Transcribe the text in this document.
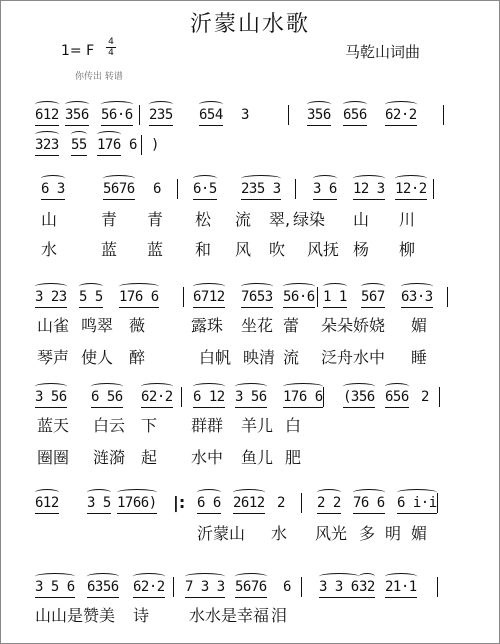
沂蒙山水歌
1= F
4
4	马乾山词曲
你传出 转谱
612 356 56·6 235 654 3	356 656 62·2
323 55 176 6 )
6 3	5676 6 6·5 235 3 3 6 12 3 12·2
山	青 青 松 流 翠, 绿染 山 川
水	蓝 蓝 和 风 吹 风抚 杨 柳
3 23 5 5 176 6 6712 7653 56·6 1 1 567 63·3
山雀 鸣翠 薇	露珠 坐花 蕾 朵朵娇娆 媚
琴声 使人 醉	白帆 映清 流 泛舟水中 睡
3 56 6 56 62·2 6 12 3 56 176 6 (356 656 2
蓝天 白云 下 群群 羊儿 白
圈圈 涟漪 起 水中 鱼儿 肥
612 3 5 1766)	6 6 2612 2 2 2 76 6 6 i·i
|:
沂蒙山 水 风光 多 明 媚
3 5 6 6356 62·2 7 3 3 5676 6 3 3 6 32 21·1
山山是赞美 诗 水水是幸福 泪
